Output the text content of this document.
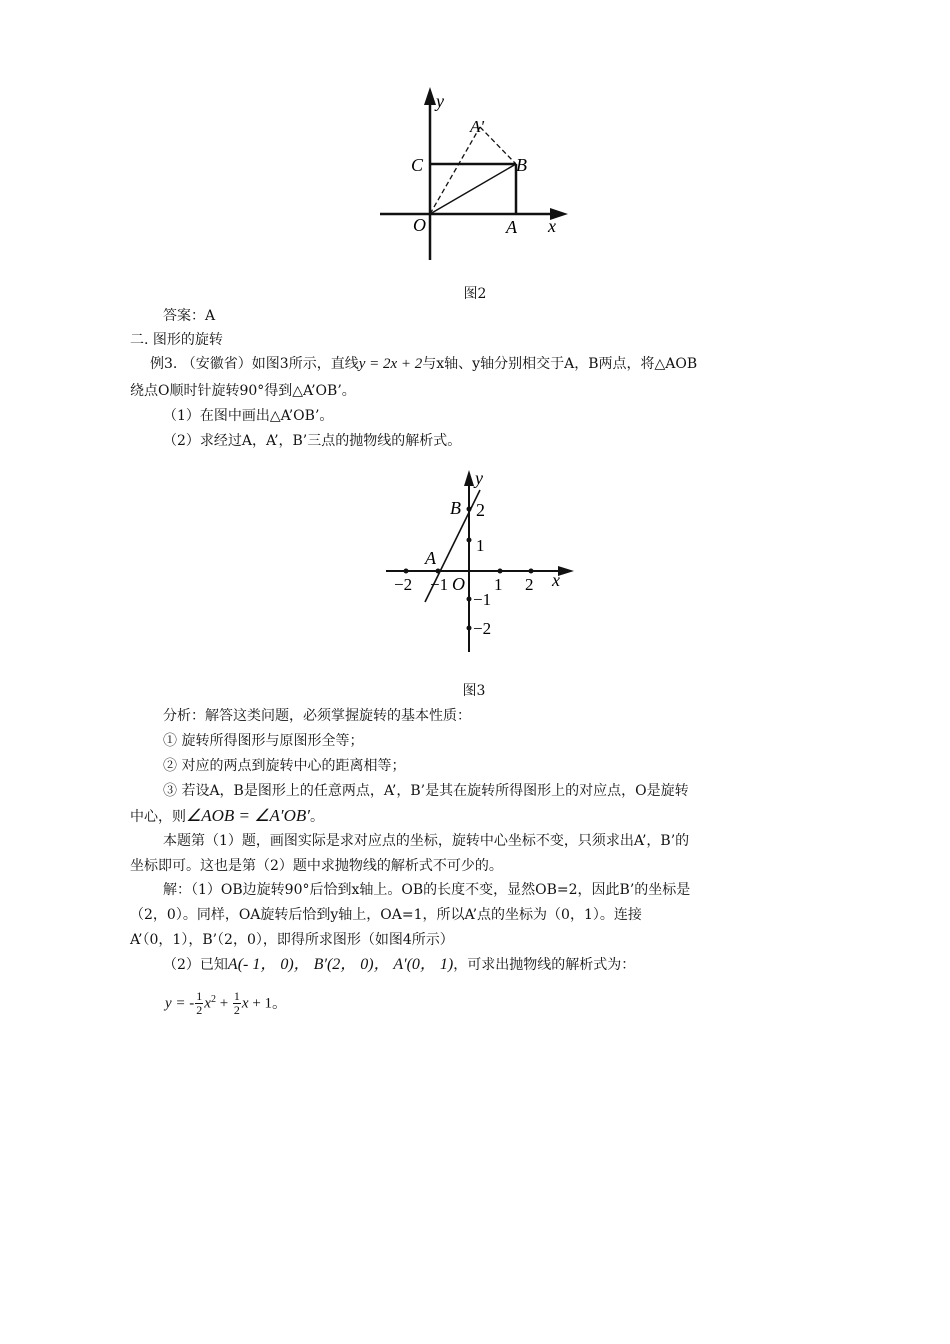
y
A'
C	B
O	A x
图2
答案：A
二. 图形的旋转
例3. （安徽省）如图3所示，直线y = 2x + 2与x轴、y轴分别相交于A，B两点，将△AOB
绕点O顺时针旋转90°得到△A’OB’。
（1）在图中画出△A’OB’。
（2）求经过A，A’，B’三点的抛物线的解析式。
y
B 2
1
A
−2 −1 O 1 2 x
−1
−2
图3
分析：解答这类问题，必须掌握旋转的基本性质：
① 旋转所得图形与原图形全等；
② 对应的两点到旋转中心的距离相等；
③ 若设A，B是图形上的任意两点，A’，B’是其在旋转所得图形上的对应点，O是旋转
中心，则∠AOB = ∠A′OB′。
本题第（1）题，画图实际是求对应点的坐标，旋转中心坐标不变，只须求出A’，B’的
坐标即可。这也是第（2）题中求抛物线的解析式不可少的。
解：（1）OB边旋转90°后恰到x轴上。OB的长度不变，显然OB=2，因此B’的坐标是
（2，0）。同样，OA旋转后恰到y轴上，OA=1，所以A’点的坐标为（0，1）。连接
A’（0，1），B’（2，0），即得所求图形（如图4所示）
（2）已知A(- 1， 0)， B′(2， 0)， A′(0， 1)，可求出抛物线的解析式为：
y = - $\frac{1}{2} x^2 + \frac{1}{2}$ x + 1。
